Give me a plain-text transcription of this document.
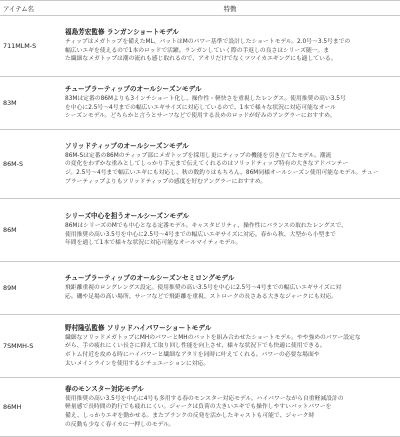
アイテム名	特徴
711MLM-S	福島芳宏監修 ランガンショートモデル

ティップはメガトップを備えたML、バットはMのパワー基準で設計したショートモデル。2.0号～3.5号までの

幅広いエギを使えるので1本のロッドで活躍。ランガンしていく際の手返しの良さはシリーズ随一。ま

た繊細なメガトップは潮の流れも感じ取れるので、アオリだけでなくツツイカエギングにも適している。

83M	チューブラーティップのオールシーズンモデル

83Mは定番の86Mよりも3インチショート化し、操作性・軽快さを重視したレングス。使用推奨の高い3.5号

を中心に2.5号～4号までの幅広いエギサイズに対応しているので、1本で様々な状況に対応可能なオール

シーズンモデル。どちらかと言うとサーフなどで使用する長めのロッドが好みのアングラーにおすすめ。

86M-S	ソリッドティップのオールシーズンモデル

86M-Sは定番の86Mのティップ部にメガトップを採用し更にティップの機能を引き立てたモデル。潮流

の変化をわずかな重みとしてしっかり手元まで伝えてくれるのはソリッドティップ特有の大きなアドバンテー

ジ。2.5号～4号まで幅広いエギにも対応し、秋の数釣りはもちろん、86M同様オールシーズン使用可能なモデル。チュー

ブラーティップよりもソリッドティップの感度を好むアングラーにおすすめ。

86M	シリーズ中心を担うオールシーズンモデル

86MはシリーズのMでも中心となる定番モデル。キャスタビリティ、操作性にバランスの取れたレングスで、

使用推奨の高い3.5号を中心に2.5号～4号までの幅広いエギサイズに対応。春から秋、大型から小型まで

年間を通して1本で様々な状況に対応可能なオールマイティモデル。

89M	チューブラーティップのオールシーズンセミロングモデル

飛距離重視のロングレングス設定。使用推奨の高い3.5号を中心に2.5号～4号までの幅広いエギサイズに対

応。磯や足場の高い場所、サーフなどで飛距離を重視、ストロークの長さある大きなジャークにも対応。

7SMMH-S	野村隆弘監修 ソリッドハイパワーショートモデル

繊細なソリッドメガトップにMHのパワーとMHのバットを組み合わせたショートモデル。やや強めのパワー設定な

がら、手の疲れにくい長さに抑えて取り回し性能を向上させ、様々な状況下でも快適に使用できる。

ボトム付近を攻める時にハイパワーと繊細なアタリを同時に叶えてくれる。パワーの必要な場面や

太いメインラインを使用するシチュエーションに対応。

86MH	春のモンスター対応モデル

使用推奨の高い3.5号を中心に4号も多用する春のモンスター対応モデル。ハイパワーながら自重軽減設計の

軽量感で長時間の釣行でも疲れにくい。ジャークは負荷の大きいエギでも操作しやすいバットパワーを

備え、しっかりエギを動かせる。またブランクの反発を活かしたキャストも可能で、ジャーク時

の反動も少なく春イカに一押しのモデル。
